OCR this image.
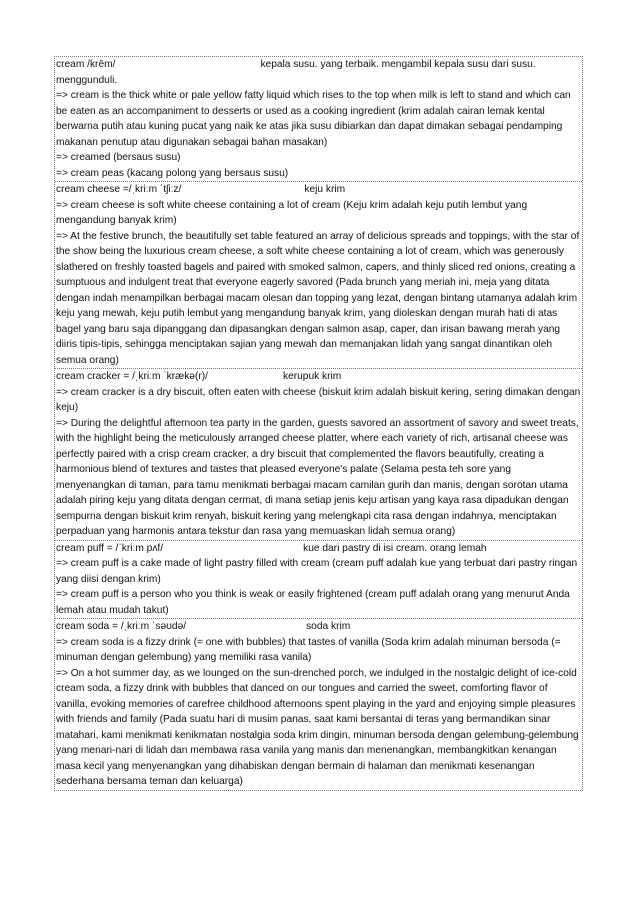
cream /krēm/	kepala susu. yang terbaik. mengambil kepala susu dari susu. menggunduli.
=> cream is the thick white or pale yellow fatty liquid which rises to the top when milk is left to stand and which can be eaten as an accompaniment to desserts or used as a cooking ingredient (krim adalah cairan lemak kental berwarna putih atau kuning pucat yang naik ke atas jika susu dibiarkan dan dapat dimakan sebagai pendamping makanan penutup atau digunakan sebagai bahan masakan)
=> creamed (bersaus susu)
=> cream peas (kacang polong yang bersaus susu)
cream cheese =/ˌkriːm ˈtʃiːz/	keju krim
=> cream cheese is soft white cheese containing a lot of cream (Keju krim adalah keju putih lembut yang mengandung banyak krim)
=> At the festive brunch, the beautifully set table featured an array of delicious spreads and toppings, with the star of the show being the luxurious cream cheese, a soft white cheese containing a lot of cream, which was generously slathered on freshly toasted bagels and paired with smoked salmon, capers, and thinly sliced red onions, creating a sumptuous and indulgent treat that everyone eagerly savored (Pada brunch yang meriah ini, meja yang ditata dengan indah menampilkan berbagai macam olesan dan topping yang lezat, dengan bintang utamanya adalah krim keju yang mewah, keju putih lembut yang mengandung banyak krim, yang dioleskan dengan murah hati di atas bagel yang baru saja dipanggang dan dipasangkan dengan salmon asap, caper, dan irisan bawang merah yang diiris tipis-tipis, sehingga menciptakan sajian yang mewah dan memanjakan lidah yang sangat dinantikan oleh semua orang)
cream cracker = /ˌkriːm ˈkrækə(r)/	kerupuk krim
=> cream cracker is a dry biscuit, often eaten with cheese (biskuit krim adalah biskuit kering, sering dimakan dengan keju)
=> During the delightful afternoon tea party in the garden, guests savored an assortment of savory and sweet treats, with the highlight being the meticulously arranged cheese platter, where each variety of rich, artisanal cheese was perfectly paired with a crisp cream cracker, a dry biscuit that complemented the flavors beautifully, creating a harmonious blend of textures and tastes that pleased everyone's palate (Selama pesta teh sore yang menyenangkan di taman, para tamu menikmati berbagai macam camilan gurih dan manis, dengan sorotan utama adalah piring keju yang ditata dengan cermat, di mana setiap jenis keju artisan yang kaya rasa dipadukan dengan sempurna dengan biskuit krim renyah, biskuit kering yang melengkapi cita rasa dengan indahnya, menciptakan perpaduan yang harmonis antara tekstur dan rasa yang memuaskan lidah semua orang)
cream puff = /ˈkriːm pʌf/	kue dari pastry di isi cream. orang lemah
=> cream puff is a cake made of light pastry filled with cream (cream puff adalah kue yang terbuat dari pastry ringan yang diisi dengan krim)
=> cream puff is a person who you think is weak or easily frightened (cream puff adalah orang yang menurut Anda lemah atau mudah takut)
cream soda = /ˌkriːm ˈsəʊdə/	soda krim
=> cream soda is a fizzy drink (= one with bubbles) that tastes of vanilla (Soda krim adalah minuman bersoda (= minuman dengan gelembung) yang memiliki rasa vanila)
=> On a hot summer day, as we lounged on the sun-drenched porch, we indulged in the nostalgic delight of ice-cold cream soda, a fizzy drink with bubbles that danced on our tongues and carried the sweet, comforting flavor of vanilla, evoking memories of carefree childhood afternoons spent playing in the yard and enjoying simple pleasures with friends and family (Pada suatu hari di musim panas, saat kami bersantai di teras yang bermandikan sinar matahari, kami menikmati kenikmatan nostalgia soda krim dingin, minuman bersoda dengan gelembung-gelembung yang menari-nari di lidah dan membawa rasa vanila yang manis dan menenangkan, membangkitkan kenangan masa kecil yang menyenangkan yang dihabiskan dengan bermain di halaman dan menikmati kesenangan sederhana bersama teman dan keluarga)
